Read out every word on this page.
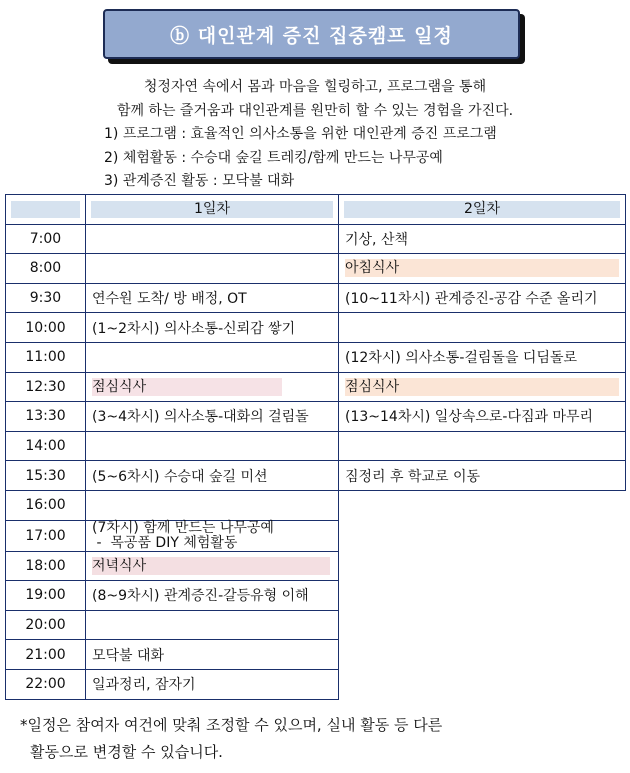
ⓑ 대인관계 증진 집중캠프 일정
청정자연 속에서 몸과 마음을 힐링하고, 프로그램을 통해
함께 하는 즐거움과 대인관계를 원만히 할 수 있는 경험을 가진다.
1) 프로그램 : 효율적인 의사소통을 위한 대인관계 증진 프로그램
2) 체험활동 : 수승대 숲길 트레킹/함께 만드는 나무공예
3) 관계증진 활동 : 모닥불 대화

	1일차	2일차

7:00		기상, 산책
8:00		아침식사
9:30	연수원 도착/ 방 배정, OT	(10~11차시) 관계증진-공감 수준 올리기
10:00	(1~2차시) 의사소통-신뢰감 쌓기	
11:00		(12차시) 의사소통-걸림돌을 디딤돌로
12:30	점심식사	점심식사
13:30	(3~4차시) 의사소통-대화의 걸림돌	(13~14차시) 일상속으로-다짐과 마무리
14:00		
15:30	(5~6차시) 수승대 숲길 미션	짐정리 후 학교로 이동
16:00		
17:00	(7차시) 함께 만드는 나무공예
-  목공품 DIY 체험활동	

18:00	저녁식사	
19:00	(8~9차시) 관계증진-갈등유형 이해	
20:00		
21:00	모닥불 대화	
22:00	일과정리, 잠자기	
*일정은 참여자 여건에 맞춰 조정할 수 있으며, 실내 활동 등 다른
활동으로 변경할 수 있습니다.
